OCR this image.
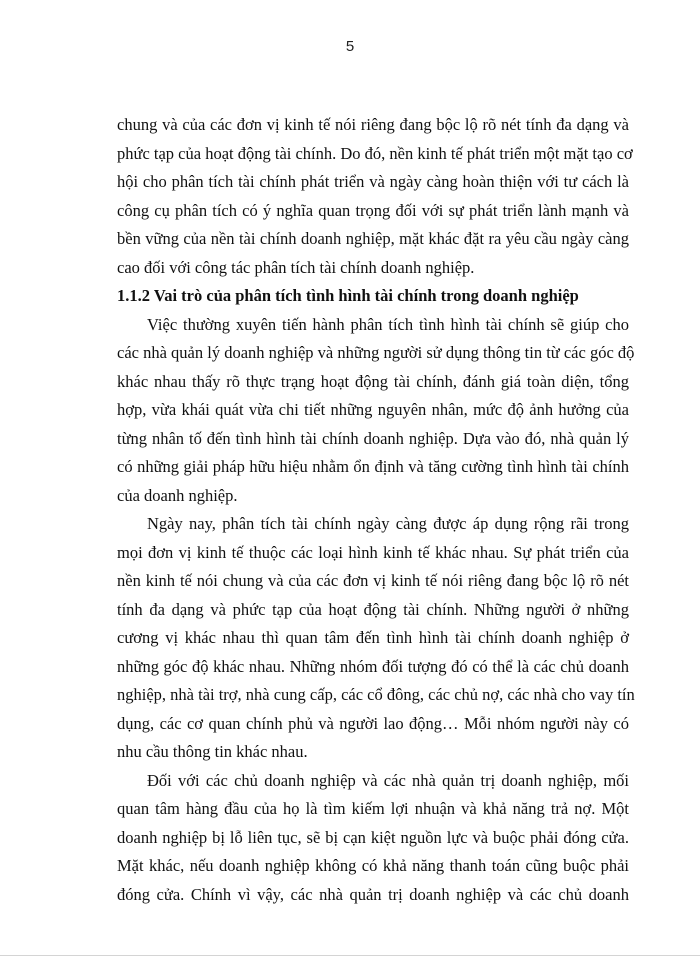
5
chung và của các đơn vị kinh tế nói riêng đang bộc lộ rõ nét tính đa dạng và
phức tạp của hoạt động tài chính. Do đó, nền kinh tế phát triển một mặt tạo cơ
hội cho phân tích tài chính phát triển và ngày càng hoàn thiện với tư cách là
công cụ phân tích có ý nghĩa quan trọng đối với sự phát triển lành mạnh và
bền vững của nền tài chính doanh nghiệp, mặt khác đặt ra yêu cầu ngày càng
cao đối với công tác phân tích tài chính doanh nghiệp.
1.1.2 Vai trò của phân tích tình hình tài chính trong doanh nghiệp
Việc thường xuyên tiến hành phân tích tình hình tài chính sẽ giúp cho
các nhà quản lý doanh nghiệp và những người sử dụng thông tin từ các góc độ
khác nhau thấy rõ thực trạng hoạt động tài chính, đánh giá toàn diện, tổng
hợp, vừa khái quát vừa chi tiết những nguyên nhân, mức độ ảnh hưởng của
từng nhân tố đến tình hình tài chính doanh nghiệp. Dựa vào đó, nhà quản lý
có những giải pháp hữu hiệu nhằm ổn định và tăng cường tình hình tài chính
của doanh nghiệp.
Ngày nay, phân tích tài chính ngày càng được áp dụng rộng rãi trong
mọi đơn vị kinh tế thuộc các loại hình kinh tế khác nhau. Sự phát triển của
nền kinh tế nói chung và của các đơn vị kinh tế nói riêng đang bộc lộ rõ nét
tính đa dạng và phức tạp của hoạt động tài chính. Những người ở những
cương vị khác nhau thì quan tâm đến tình hình tài chính doanh nghiệp ở
những góc độ khác nhau. Những nhóm đối tượng đó có thể là các chủ doanh
nghiệp, nhà tài trợ, nhà cung cấp, các cổ đông, các chủ nợ, các nhà cho vay tín
dụng, các cơ quan chính phủ và người lao động… Mỗi nhóm người này có
nhu cầu thông tin khác nhau.
Đối với các chủ doanh nghiệp và các nhà quản trị doanh nghiệp, mối
quan tâm hàng đầu của họ là tìm kiếm lợi nhuận và khả năng trả nợ. Một
doanh nghiệp bị lỗ liên tục, sẽ bị cạn kiệt nguồn lực và buộc phải đóng cửa.
Mặt khác, nếu doanh nghiệp không có khả năng thanh toán cũng buộc phải
đóng cửa. Chính vì vậy, các nhà quản trị doanh nghiệp và các chủ doanh
